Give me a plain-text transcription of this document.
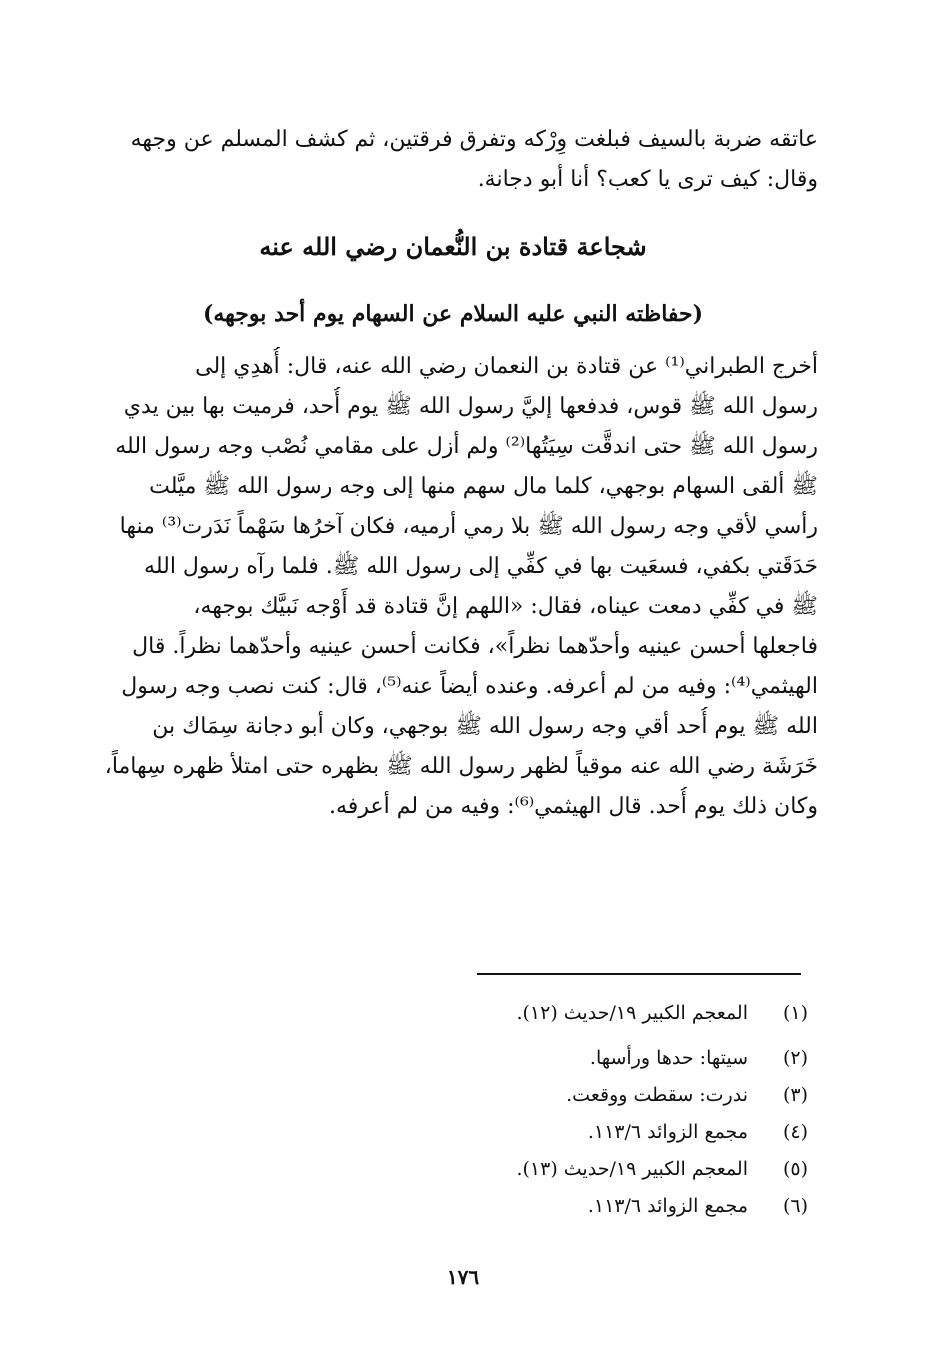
عاتقه ضربة بالسيف فبلغت وِرْكه وتفرق فرقتين، ثم كشف المسلم عن وجهه
وقال: كيف ترى يا كعب؟ أنا أبو دجانة.
شجاعة قتادة بن النُّعمان رضي الله عنه
(حفاظته النبي عليه السلام عن السهام يوم أحد بوجهه)
أخرج الطبراني⁽¹⁾ عن قتادة بن النعمان رضي الله عنه، قال: أُهدِي إلى
رسول الله ﷺ قوس، فدفعها إليَّ رسول الله ﷺ يوم أُحد، فرميت بها بين يدي
رسول الله ﷺ حتى اندقَّت سِيَتُها⁽²⁾ ولم أزل على مقامي نُصْب وجه رسول الله
ﷺ ألقى السهام بوجهي، كلما مال سهم منها إلى وجه رسول الله ﷺ ميَّلت
رأسي لأقي وجه رسول الله ﷺ بلا رمي أرميه، فكان آخرُها سَهْماً نَدَرت⁽³⁾ منها
حَدَقَتي بكفي، فسعَيت بها في كفِّي إلى رسول الله ﷺ. فلما رآه رسول الله
ﷺ في كفِّي دمعت عيناه، فقال: «اللهم إنَّ قتادة قد أَوْجه نَبيَّك بوجهه،
فاجعلها أحسن عينيه وأحدّهما نظراً»، فكانت أحسن عينيه وأحدّهما نظراً. قال
الهيثمي⁽⁴⁾: وفيه من لم أعرفه. وعنده أيضاً عنه⁽⁵⁾، قال: كنت نصب وجه رسول
الله ﷺ يوم أُحد أقي وجه رسول الله ﷺ بوجهي، وكان أبو دجانة سِمَاك بن
خَرَشَة رضي الله عنه موقياً لظهر رسول الله ﷺ بظهره حتى امتلأ ظهره سِهاماً،
وكان ذلك يوم أُحد. قال الهيثمي⁽⁶⁾: وفيه من لم أعرفه.
(١)
المعجم الكبير ١٩/حديث (١٢).
(٢)
سيتها: حدها ورأسها.
(٣)
ندرت: سقطت ووقعت.
(٤)
مجمع الزوائد ١١٣/٦.
(٥)
المعجم الكبير ١٩/حديث (١٣).
(٦)
مجمع الزوائد ١١٣/٦.
١٧٦
